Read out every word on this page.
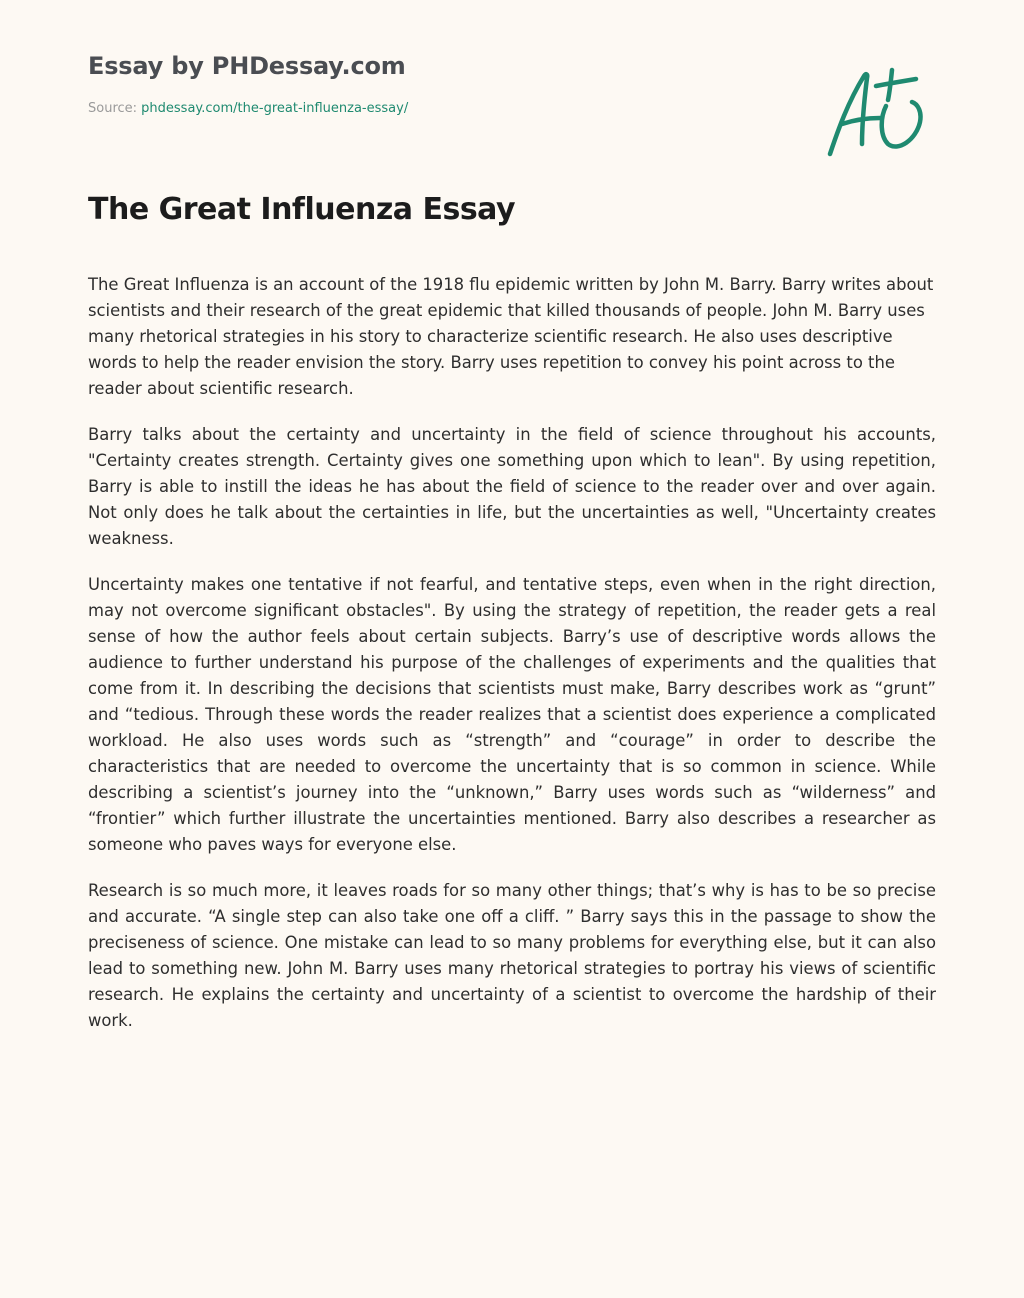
Essay by PHDessay.com
Source: phdessay.com/the-great-influenza-essay/
The Great Influenza Essay

The Great Influenza is an account of the 1918 flu epidemic written by John M. Barry. Barry writes about scientists and their research of the great epidemic that killed thousands of people. John M. Barry uses many rhetorical strategies in his story to characterize scientific research. He also uses descriptive words to help the reader envision the story. Barry uses repetition to convey his point across to the reader about scientific research.

Barry talks about the certainty and uncertainty in the field of science throughout his accounts, "Certainty creates strength. Certainty gives one something upon which to lean". By using repetition, Barry is able to instill the ideas he has about the field of science to the reader over and over again. Not only does he talk about the certainties in life, but the uncertainties as well, "Uncertainty creates weakness.

Uncertainty makes one tentative if not fearful, and tentative steps, even when in the right direction, may not overcome significant obstacles". By using the strategy of repetition, the reader gets a real sense of how the author feels about certain subjects. Barry’s use of descriptive words allows the audience to further understand his purpose of the challenges of experiments and the qualities that come from it. In describing the decisions that scientists must make, Barry describes work as “grunt” and “tedious. Through these words the reader realizes that a scientist does experience a complicated workload. He also uses words such as “strength” and “courage” in order to describe the characteristics that are needed to overcome the uncertainty that is so common in science. While describing a scientist’s journey into the “unknown,” Barry uses words such as “wilderness” and “frontier” which further illustrate the uncertainties mentioned. Barry also describes a researcher as someone who paves ways for everyone else.

Research is so much more, it leaves roads for so many other things; that’s why is has to be so precise and accurate. “A single step can also take one off a cliff. ” Barry says this in the passage to show the preciseness of science. One mistake can lead to so many problems for everything else, but it can also lead to something new. John M. Barry uses many rhetorical strategies to portray his views of scientific research. He explains the certainty and uncertainty of a scientist to overcome the hardship of their work.
